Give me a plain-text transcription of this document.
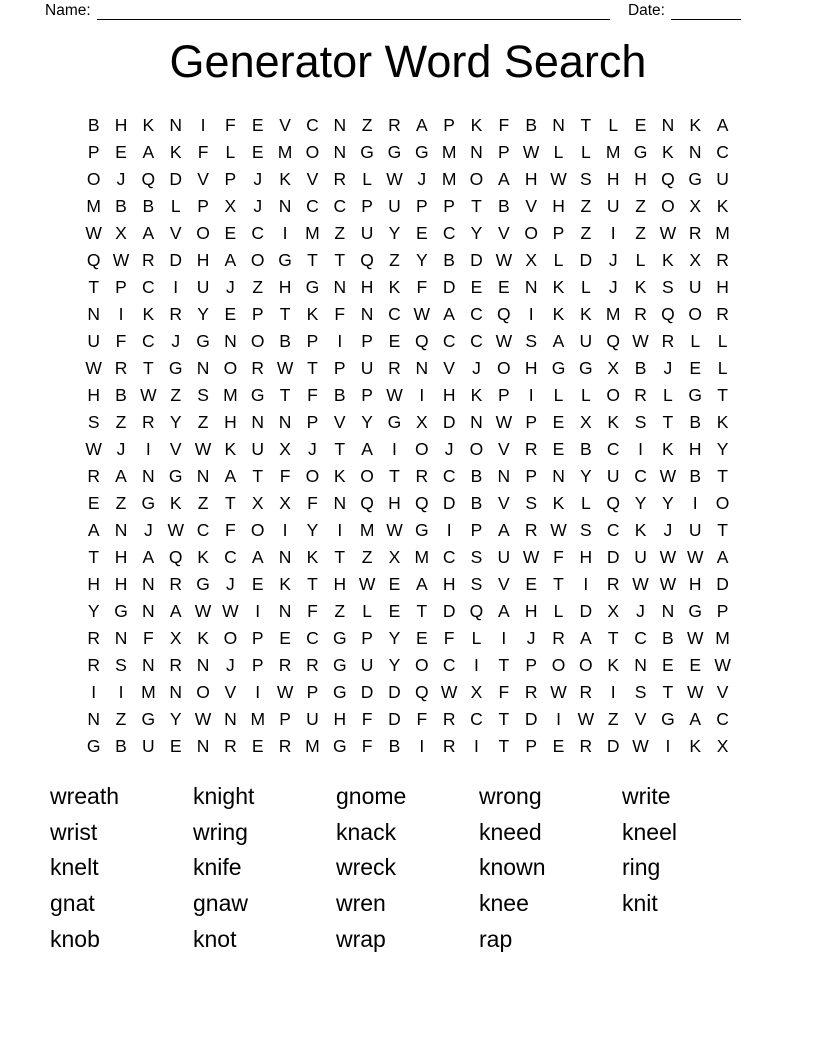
Name:	Date:
Generator Word Search
B H K N	I	F E V C N Z R A P K F B N T L E N K A
P E A K F L E M O N G G G M N P W L	L M G K N C
O J Q D V P J K V R L W J M O A H W S H H Q G U
M B B L P X J N C C P U P P T B V H Z U Z O X K
W X A V O E C	I	M Z U Y E C Y V O P Z	I	Z W R M
Q W R D H A O G T T Q Z Y B D W X L D J	L K X R
T P C	I	U J	Z H G N H K F D E E N K L	J K S U H
N	I	K R Y E P T K F N C W A C Q	I	K K M R Q O R
U F C J G N O B P	I	P E Q C C W S A U Q W R L	L
W R T G N O R W T P U R N V J O H G G X B J E L
H B W Z S M G T F B P W I	H K P	I	L	L O R L G T
S Z R Y Z H N N P V Y G X D N W P E X K S T B K
W J	I	V W K U X J	T A	I	O J O V R E B C	I	K H Y
R A N G N A T F O K O T R C B N P N Y U C W B T
E Z G K Z T X X F N Q H Q D B V S K L Q Y Y	I	O
A N J W C F O	I	Y	I	M W G	I	P A R W S C K J U T
T H A Q K C A N K T Z X M C S U W F H D U W W A
H H N R G J E K T H W E A H S V E T	I	R W W H D
Y G N A W W I	N F Z L E T D Q A H L D X J N G P
R N F X K O P E C G P Y E F L	I	J R A T C B W M
R S N R N J P R R G U Y O C	I	T P O O K N E E W
I	I	M N O V	I W P G D D Q W X F R W R	I	S T W V
N Z G Y W N M P U H F D F R C T D	I W Z V G A C
G B U E N R E R M G F B	I	R	I	T P E R D W I	K X
wreath	knight	gnome	wrong	write
wrist	wring	knack	kneed	kneel
knelt	knife	wreck	known	ring
gnat	gnaw	wren	knee	knit
knob	knot	wrap	rap
